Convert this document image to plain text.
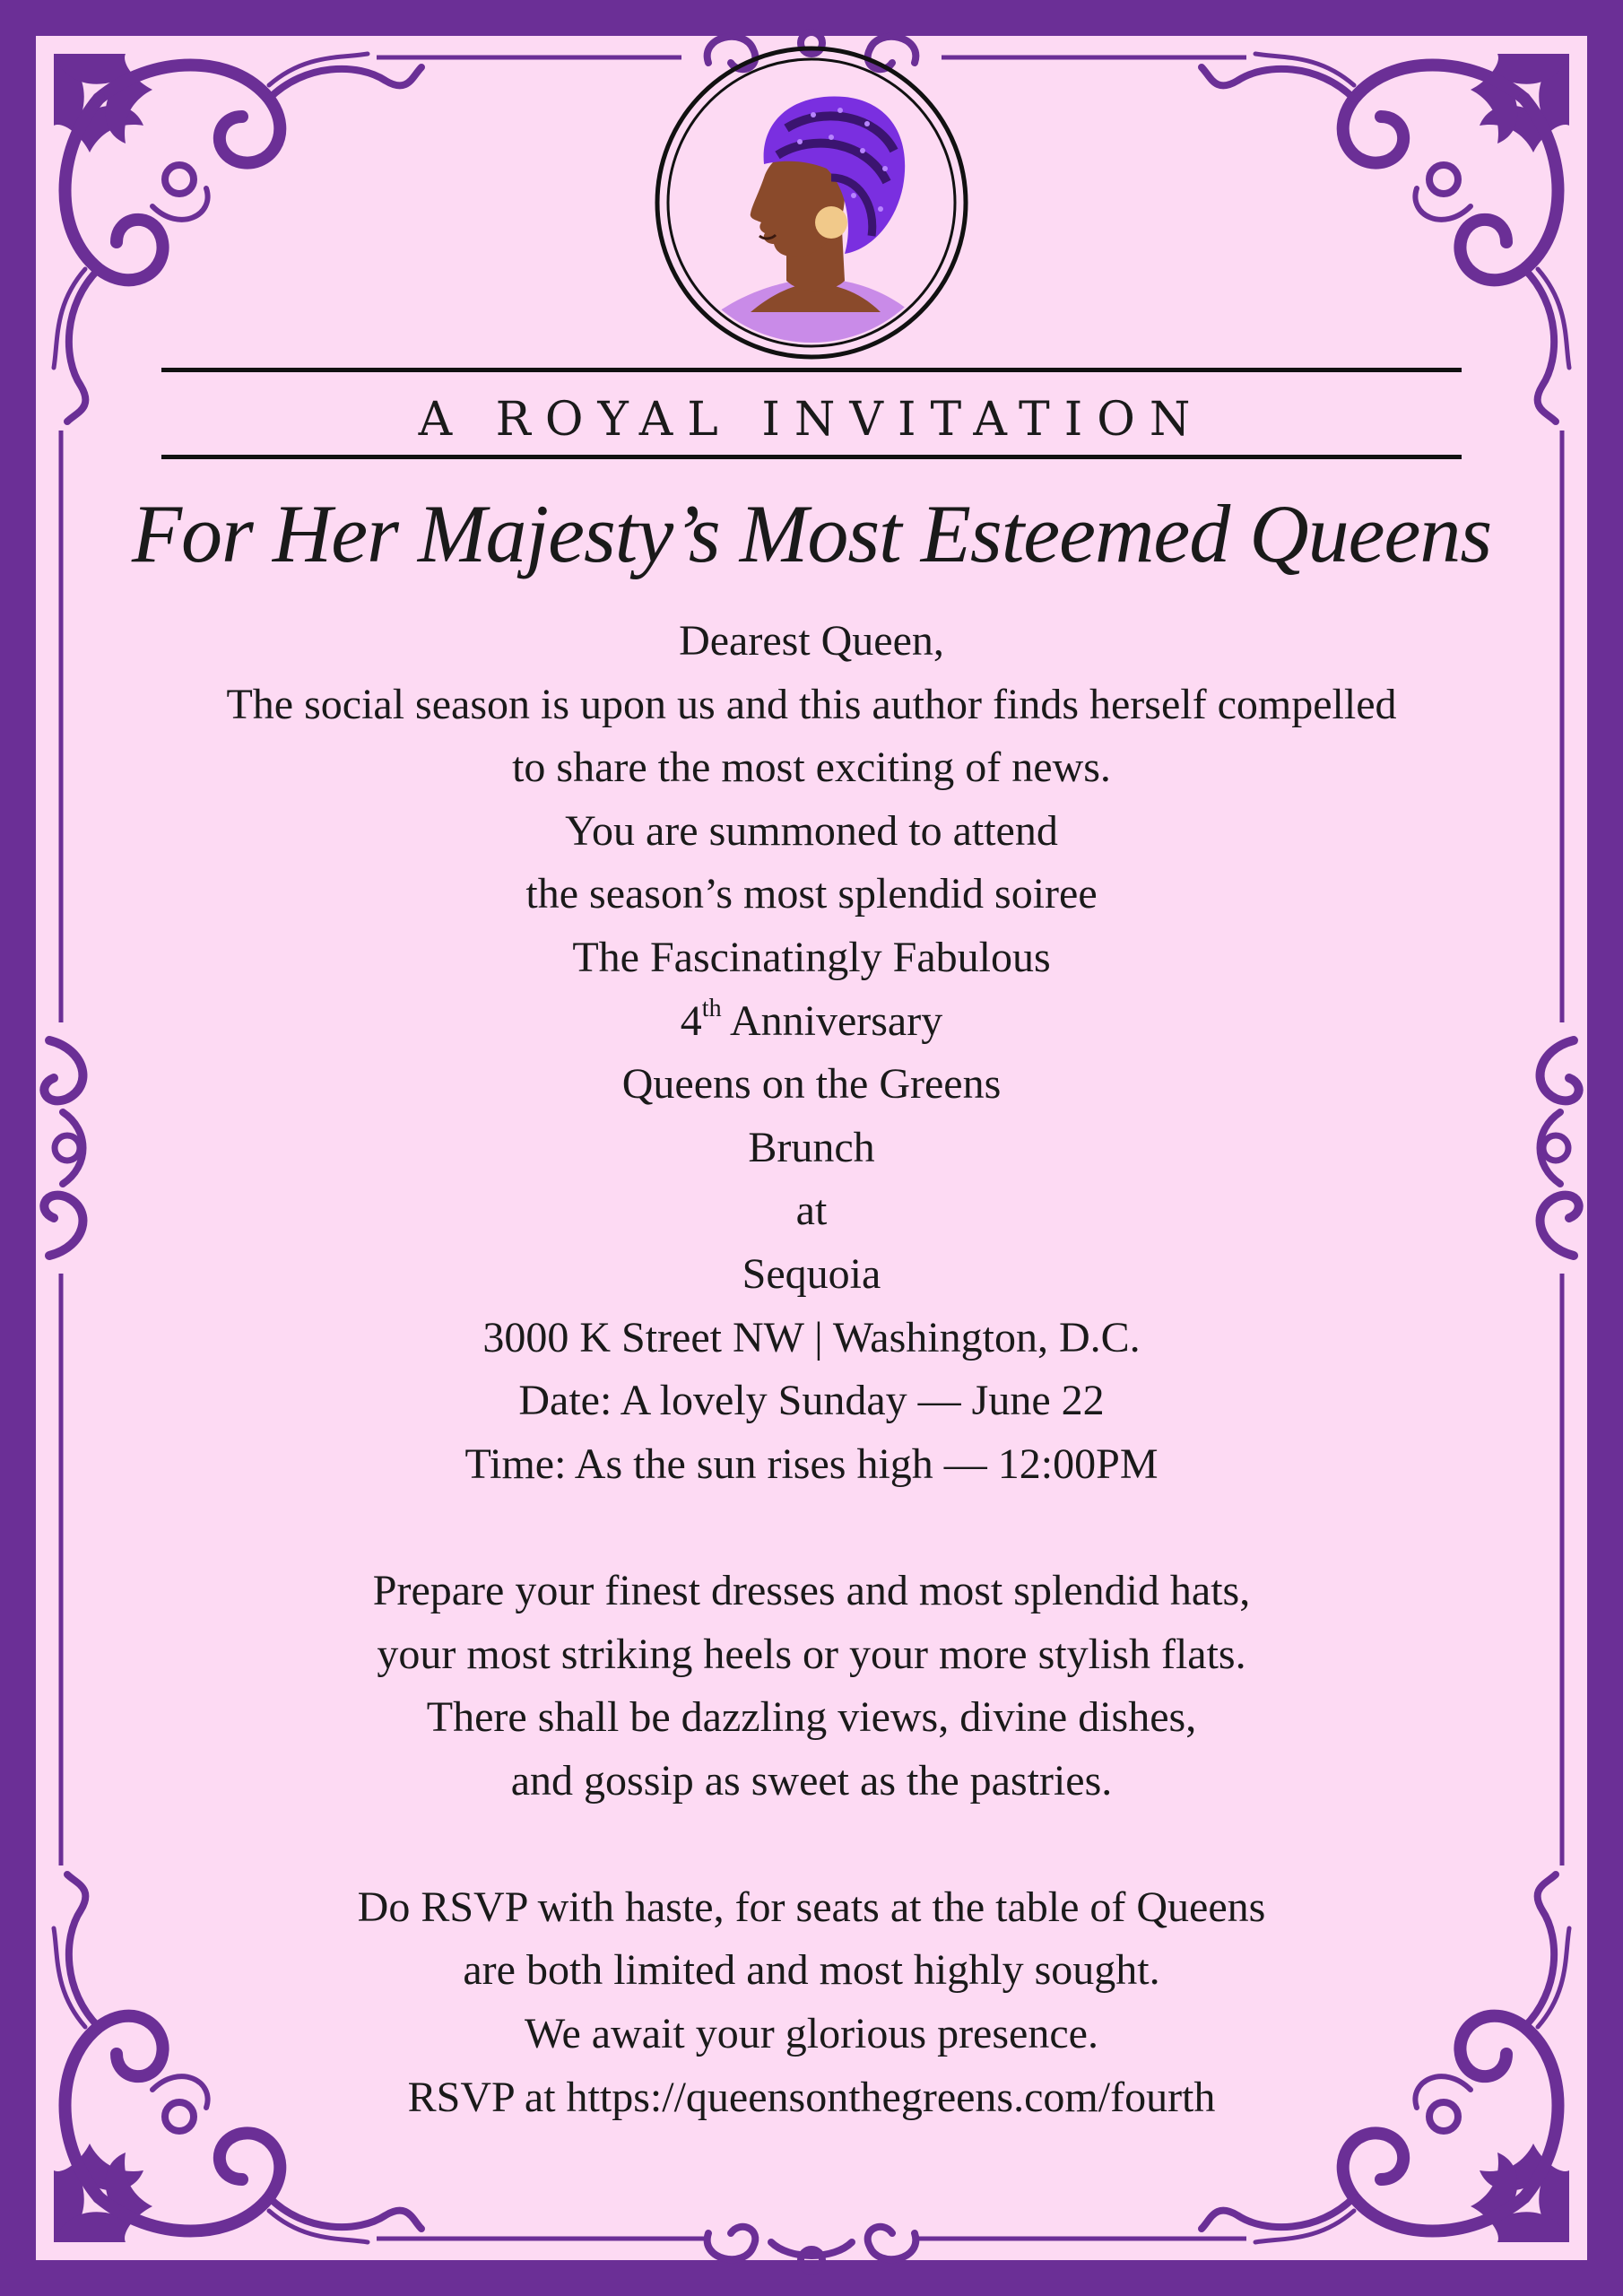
A ROYAL INVITATION
For Her Majesty’s Most Esteemed Queens
Dearest Queen,
The social season is upon us and this author finds herself compelled
to share the most exciting of news.
You are summoned to attend
the season’s most splendid soiree
The Fascinatingly Fabulous
4th Anniversary
Queens on the Greens
Brunch
at
Sequoia
3000 K Street NW | Washington, D.C.
Date: A lovely Sunday — June 22
Time: As the sun rises high — 12:00PM
Prepare your finest dresses and most splendid hats,
your most striking heels or your more stylish flats.
There shall be dazzling views, divine dishes,
and gossip as sweet as the pastries.
Do RSVP with haste, for seats at the table of Queens
are both limited and most highly sought.
We await your glorious presence.
RSVP at https://queensonthegreens.com/fourth
